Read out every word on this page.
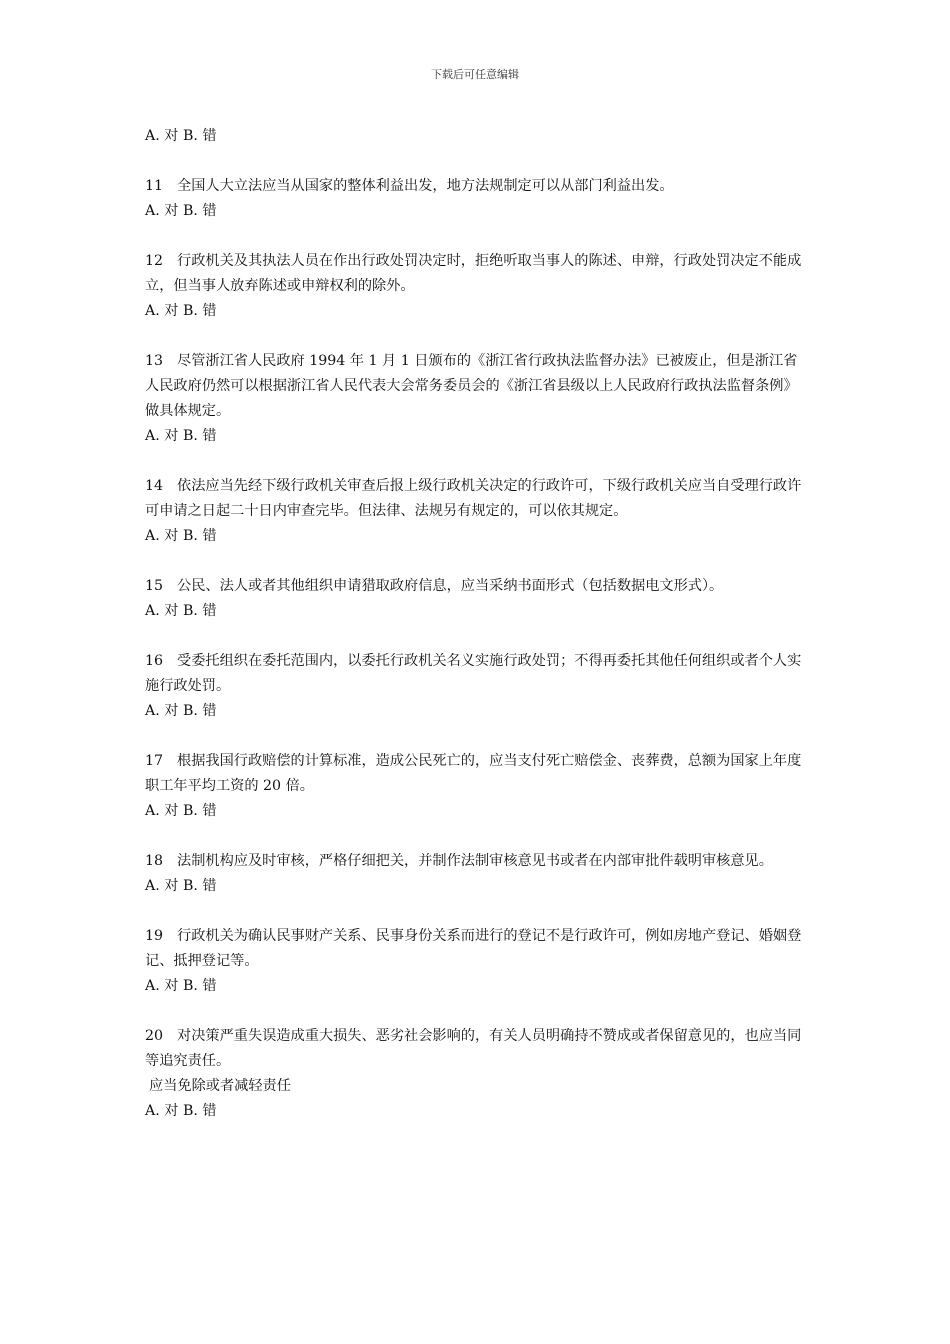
下载后可任意编辑

A. 对 B. 错

11 全国人大立法应当从国家的整体利益出发，地方法规制定可以从部门利益出发。

A. 对 B. 错

12 行政机关及其执法人员在作出行政处罚决定时，拒绝听取当事人的陈述、申辩，行政处罚决定不能成立，但当事人放弃陈述或申辩权利的除外。

A. 对 B. 错

13 尽管浙江省人民政府 1994 年 1 月 1 日颁布的《浙江省行政执法监督办法》已被废止，但是浙江省人民政府仍然可以根据浙江省人民代表大会常务委员会的《浙江省县级以上人民政府行政执法监督条例》做具体规定。

A. 对 B. 错

14 依法应当先经下级行政机关审查后报上级行政机关决定的行政许可，下级行政机关应当自受理行政许可申请之日起二十日内审查完毕。但法律、法规另有规定的，可以依其规定。

A. 对 B. 错

15 公民、法人或者其他组织申请猎取政府信息，应当采纳书面形式（包括数据电文形式）。

A. 对 B. 错

16 受委托组织在委托范围内，以委托行政机关名义实施行政处罚；不得再委托其他任何组织或者个人实施行政处罚。

A. 对 B. 错

17 根据我国行政赔偿的计算标准，造成公民死亡的，应当支付死亡赔偿金、丧葬费，总额为国家上年度职工年平均工资的 20 倍。

A. 对 B. 错

18 法制机构应及时审核，严格仔细把关，并制作法制审核意见书或者在内部审批件载明审核意见。

A. 对 B. 错

19 行政机关为确认民事财产关系、民事身份关系而进行的登记不是行政许可，例如房地产登记、婚姻登记、抵押登记等。

A. 对 B. 错

20 对决策严重失误造成重大损失、恶劣社会影响的，有关人员明确持不赞成或者保留意见的，也应当同等追究责任。

应当免除或者减轻责任

A. 对 B. 错
